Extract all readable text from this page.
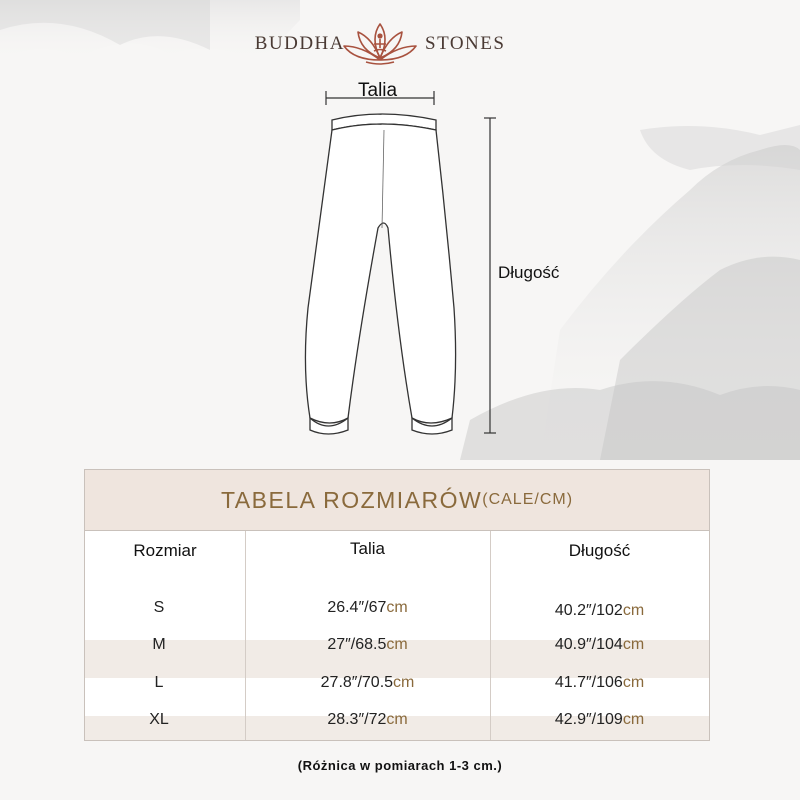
BUDDHA	STONES
Talia
Długość
TABELA ROZMIARÓW (CALE/CM)
Rozmiar	Talia	Długość
S	26.4″/67cm	40.2″/102cm
M	27″/68.5cm	40.9″/104cm
L	27.8″/70.5cm	41.7″/106cm
XL	28.3″/72cm	42.9″/109cm
(Różnica w pomiarach 1-3 cm.)
